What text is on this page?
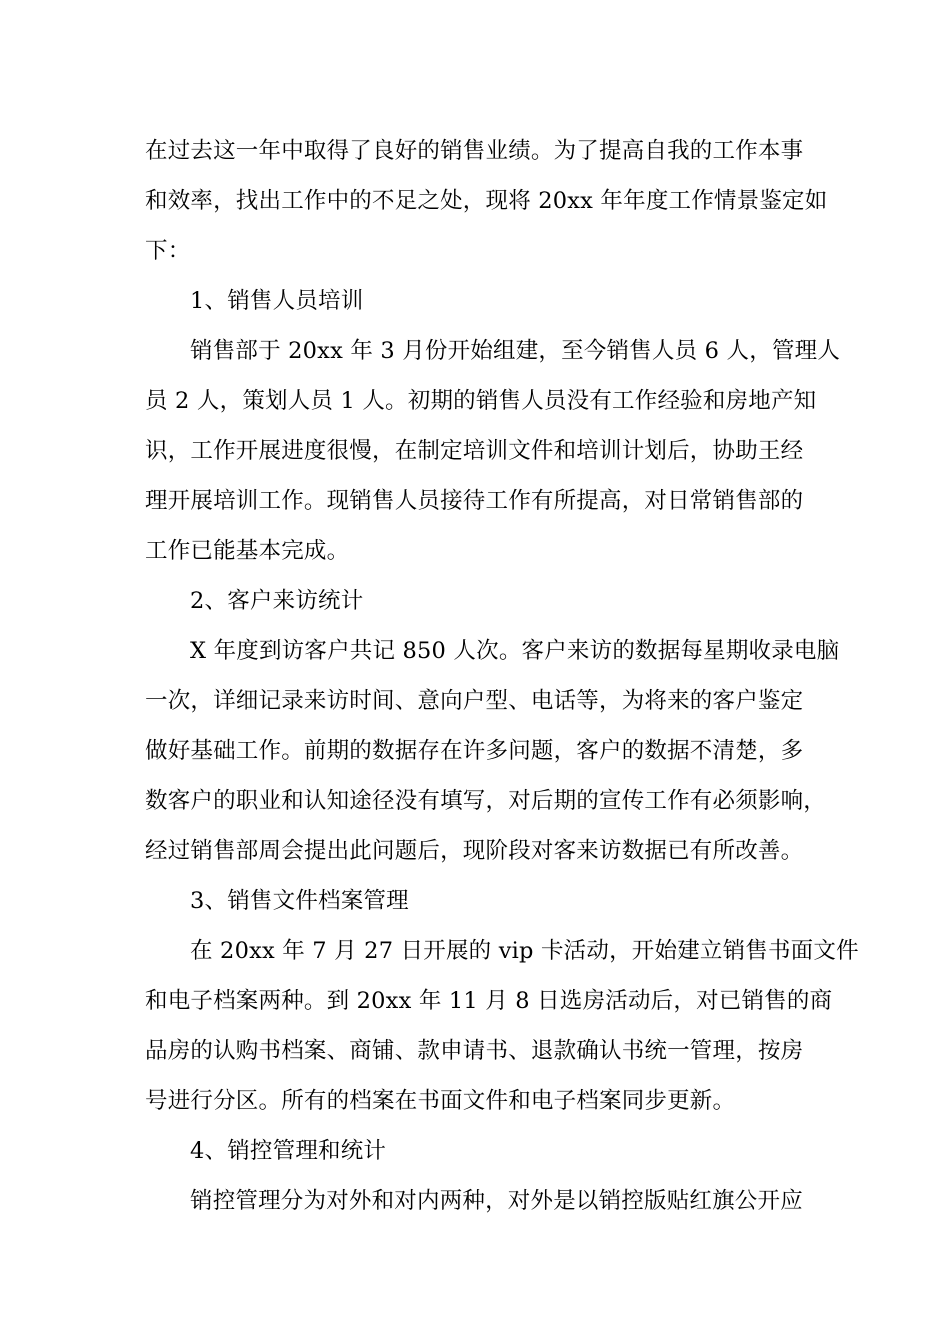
在过去这一年中取得了良好的销售业绩。为了提高自我的工作本事
和效率，找出工作中的不足之处，现将 20xx 年年度工作情景鉴定如
下：
1、销售人员培训
销售部于 20xx 年 3 月份开始组建，至今销售人员 6 人，管理人
员 2 人，策划人员 1 人。初期的销售人员没有工作经验和房地产知
识，工作开展进度很慢，在制定培训文件和培训计划后，协助王经
理开展培训工作。现销售人员接待工作有所提高，对日常销售部的
工作已能基本完成。
2、客户来访统计
X 年度到访客户共记 850 人次。客户来访的数据每星期收录电脑
一次，详细记录来访时间、意向户型、电话等，为将来的客户鉴定
做好基础工作。前期的数据存在许多问题，客户的数据不清楚，多
数客户的职业和认知途径没有填写，对后期的宣传工作有必须影响，
经过销售部周会提出此问题后，现阶段对客来访数据已有所改善。
3、销售文件档案管理
在 20xx 年 7 月 27 日开展的 vip 卡活动，开始建立销售书面文件
和电子档案两种。到 20xx 年 11 月 8 日选房活动后，对已销售的商
品房的认购书档案、商铺、款申请书、退款确认书统一管理，按房
号进行分区。所有的档案在书面文件和电子档案同步更新。
4、销控管理和统计
销控管理分为对外和对内两种，对外是以销控版贴红旗公开应
